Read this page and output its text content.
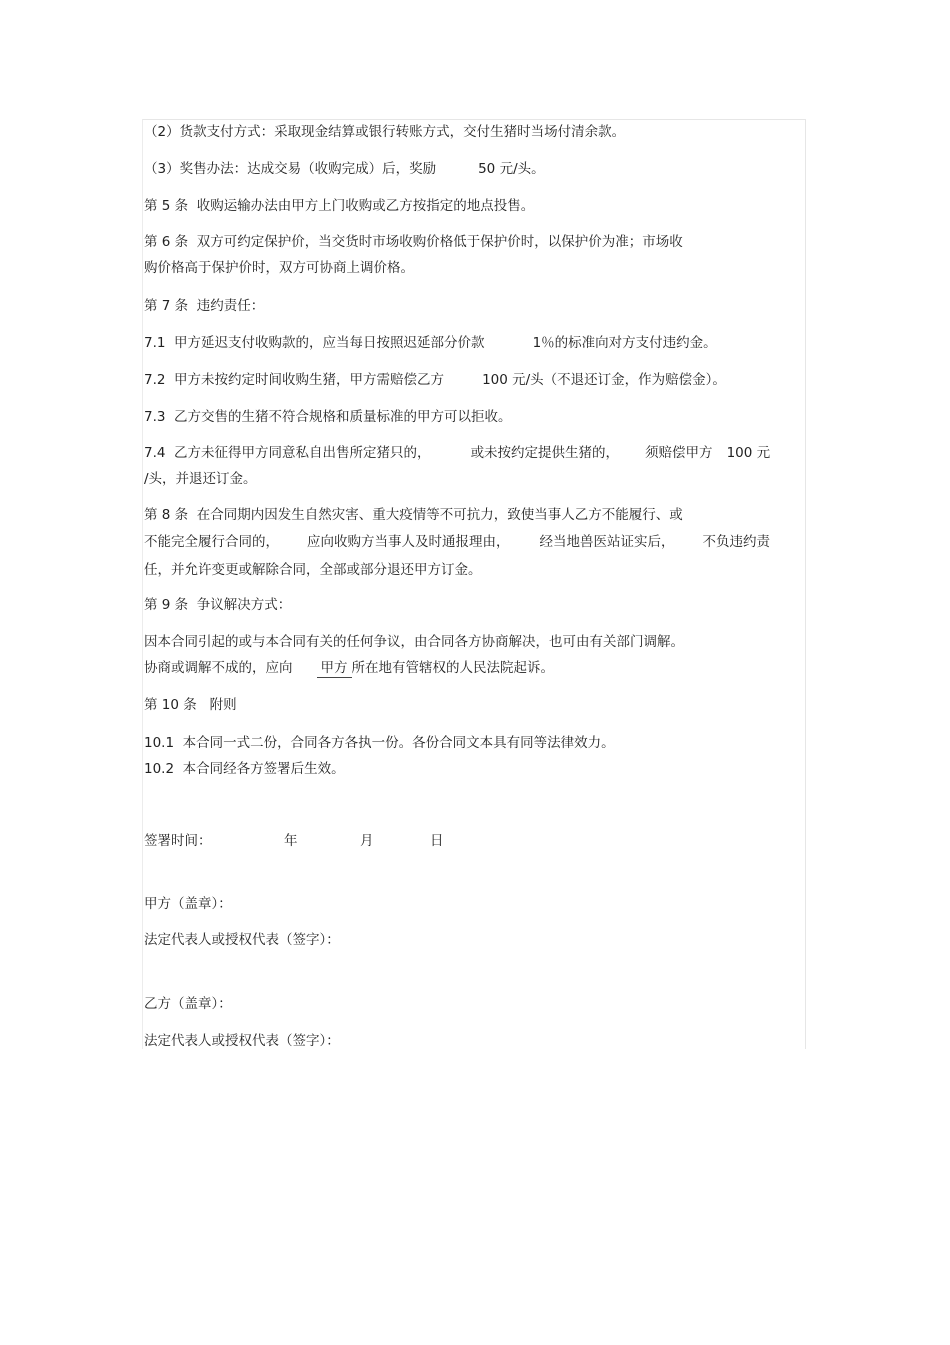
（2）货款支付方式：采取现金结算或银行转账方式，交付生猪时当场付清余款。
（3）奖售办法：达成交易（收购完成）后，奖励	50 元/头。
第 5 条  收购运输办法由甲方上门收购或乙方按指定的地点投售。
第 6 条  双方可约定保护价，当交货时市场收购价格低于保护价时，以保护价为准；市场收
购价格高于保护价时，双方可协商上调价格。
第 7 条  违约责任：
7.1  甲方延迟支付收购款的，应当每日按照迟延部分价款	1％的标准向对方支付违约金。
7.2  甲方未按约定时间收购生猪，甲方需赔偿乙方	100 元/头（不退还订金，作为赔偿金）。
7.3  乙方交售的生猪不符合规格和质量标准的甲方可以拒收。
7.4  乙方未征得甲方同意私自出售所定猪只的，	或未按约定提供生猪的， 须赔偿甲方 100 元
/头，并退还订金。
第 8 条  在合同期内因发生自然灾害、重大疫情等不可抗力，致使当事人乙方不能履行、或
不能完全履行合同的， 应向收购方当事人及时通报理由， 经当地兽医站证实后， 不负违约责
任，并允许变更或解除合同，全部或部分退还甲方订金。
第 9 条  争议解决方式：
因本合同引起的或与本合同有关的任何争议，由合同各方协商解决，也可由有关部门调解。
协商或调解不成的，应向 甲方 所在地有管辖权的人民法院起诉。
第 10 条   附则
10.1  本合同一式二份，合同各方各执一份。各份合同文本具有同等法律效力。
10.2  本合同经各方签署后生效。
签署时间：	年	月	日
甲方（盖章）：
法定代表人或授权代表（签字）：
乙方（盖章）：
法定代表人或授权代表（签字）：
